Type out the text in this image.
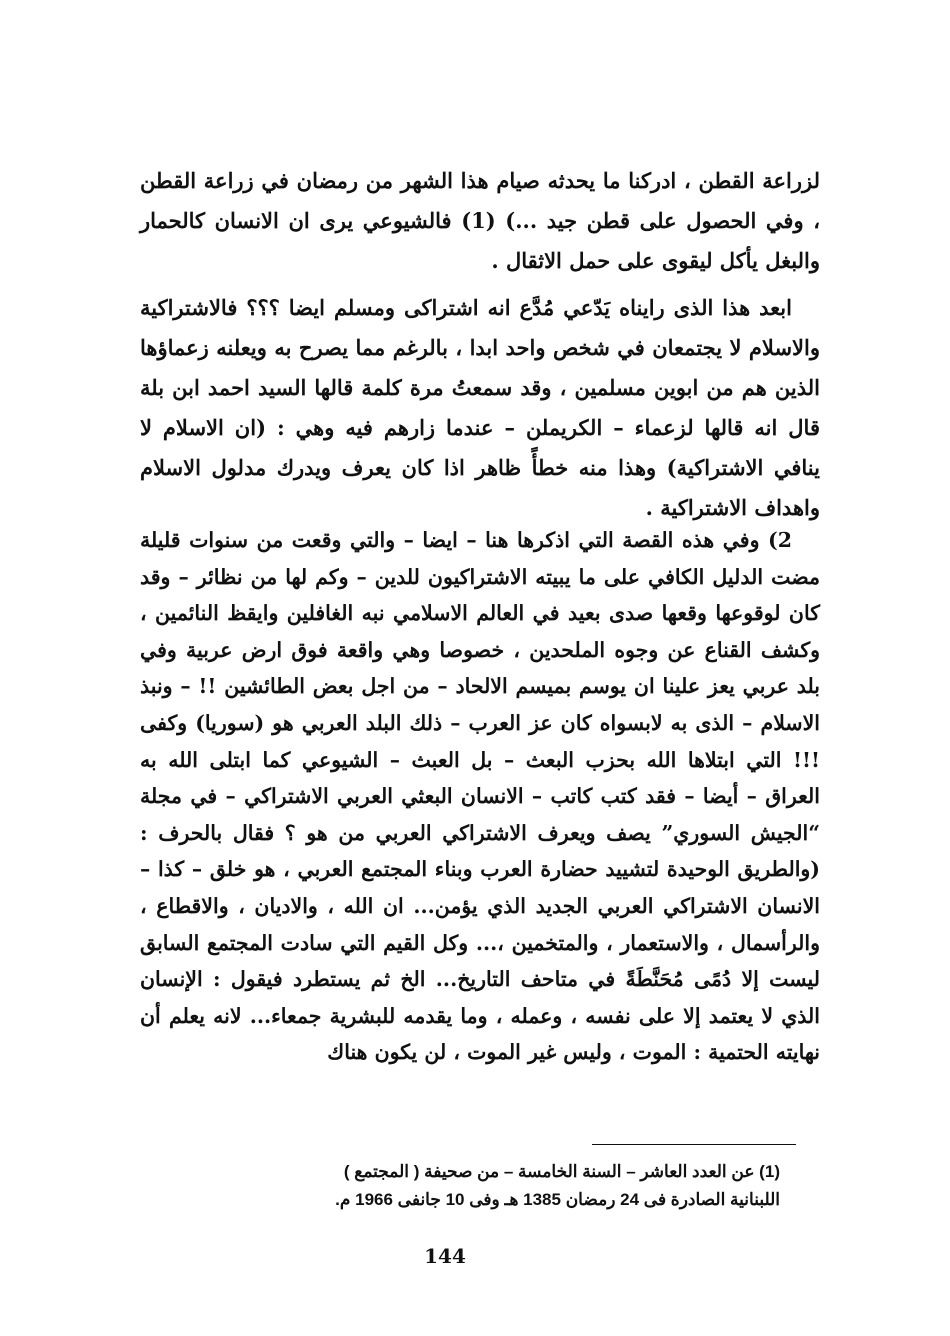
لزراعة القطن ، ادركنا ما يحدثه صيام هذا الشهر من رمضان في زراعة القطن ، وفي الحصول على قطن جيد ...) (1) فالشيوعي يرى ان الانسان كالحمار والبغل يأكل ليقوى على حمل الاثقال .

ابعد هذا الذى رايناه يَدّعي مُدَّع انه اشتراكى ومسلم ايضا ؟؟؟ فالاشتراكية والاسلام لا يجتمعان في شخص واحد ابدا ، بالرغم مما يصرح به ويعلنه زعماؤها الذين هم من ابوين مسلمين ، وقد سمعتُ مرة كلمة قالها السيد احمد ابن بلة قال انه قالها لزعماء – الكريملن – عندما زارهم فيه وهي : (ان الاسلام لا ينافي الاشتراكية) وهذا منه خطأً ظاهر اذا كان يعرف ويدرك مدلول الاسلام واهداف الاشتراكية .

2) وفي هذه القصة التي اذكرها هنا – ايضا – والتي وقعت من سنوات قليلة مضت الدليل الكافي على ما يبيته الاشتراكيون للدين – وكم لها من نظائر – وقد كان لوقوعها وقعها صدى بعيد في العالم الاسلامي نبه الغافلين وايقظ النائمين ، وكشف القناع عن وجوه الملحدين ، خصوصا وهي واقعة فوق ارض عربية وفي بلد عربي يعز علينا ان يوسم بميسم الالحاد – من اجل بعض الطائشين !! – ونبذ الاسلام – الذى به لابسواه كان عز العرب – ذلك البلد العربي هو (سوريا) وكفى !!! التي ابتلاها الله بحزب البعث – بل العبث – الشيوعي كما ابتلى الله به العراق – أيضا – فقد كتب كاتب – الانسان البعثي العربي الاشتراكي – في مجلة “الجيش السوري” يصف ويعرف الاشتراكي العربي من هو ؟ فقال بالحرف : (والطريق الوحيدة لتشييد حضارة العرب وبناء المجتمع العربي ، هو خلق – كذا – الانسان الاشتراكي العربي الجديد الذي يؤمن... ان الله ، والاديان ، والاقطاع ، والرأسمال ، والاستعمار ، والمتخمين ،... وكل القيم التي سادت المجتمع السابق ليست إلا دُمًى مُحَنَّطَةً في متاحف التاريخ... الخ ثم يستطرد فيقول : الإنسان الذي لا يعتمد إلا على نفسه ، وعمله ، وما يقدمه للبشرية جمعاء... لانه يعلم أن نهايته الحتمية : الموت ، وليس غير الموت ، لن يكون هناك

(1) عن العدد العاشر – السنة الخامسة – من صحيفة ( المجتمع )
اللبنانية الصادرة فى 24 رمضان 1385 هـ وفى 10 جانفى 1966 م.

144
